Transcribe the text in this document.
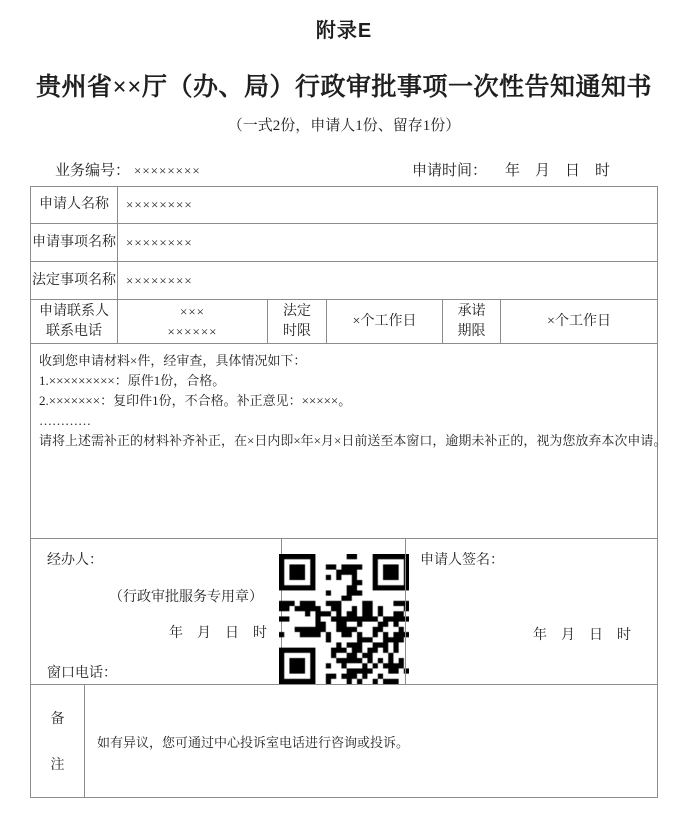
附录E
贵州省××厅（办、局）行政审批事项一次性告知通知书
（一式2份，申请人1份、留存1份）
业务编号： ××××××××	申请时间： 年　月　日　时
申请人名称	××××××××
申请事项名称 ××××××××
法定事项名称 ××××××××
申请联系人
联系电话
×××
××××××
法定
时限
×个工作日
承诺
期限
×个工作日
收到您申请材料×件，经审查，具体情况如下：
1.×××××××××：原件1份，合格。
2.×××××××：复印件1份，不合格。补正意见：×××××。
…………
请将上述需补正的材料补齐补正，在×日内即×年×月×日前送至本窗口，逾期未补正的，视为您放弃本次申请。
经办人：
（行政审批服务专用章）
年　月　日　时
窗口电话：
申请人签名：
年　月　日　时
备
注
如有异议，您可通过中心投诉室电话进行咨询或投诉。
